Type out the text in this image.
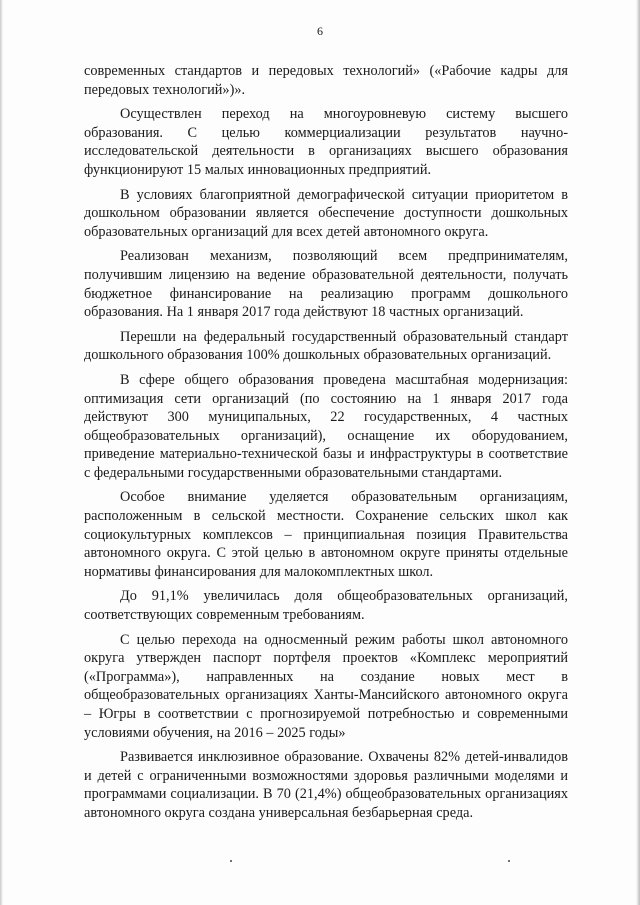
6

современных стандартов и передовых технологий» («Рабочие кадры для передовых технологий»)».

Осуществлен переход на многоуровневую систему высшего образования. С целью коммерциализации результатов научно-исследовательской деятельности в организациях высшего образования функционируют 15 малых инновационных предприятий.

В условиях благоприятной демографической ситуации приоритетом в дошкольном образовании является обеспечение доступности дошкольных образовательных организаций для всех детей автономного округа.

Реализован механизм, позволяющий всем предпринимателям, получившим лицензию на ведение образовательной деятельности, получать бюджетное финансирование на реализацию программ дошкольного образования. На 1 января 2017 года действуют 18 частных организаций.

Перешли на федеральный государственный образовательный стандарт дошкольного образования 100% дошкольных образовательных организаций.

В сфере общего образования проведена масштабная модернизация: оптимизация сети организаций (по состоянию на 1 января 2017 года действуют 300 муниципальных, 22 государственных, 4 частных общеобразовательных организаций), оснащение их оборудованием, приведение материально-технической базы и инфраструктуры в соответствие с федеральными государственными образовательными стандартами.

Особое внимание уделяется образовательным организациям, расположенным в сельской местности. Сохранение сельских школ как социокультурных комплексов – принципиальная позиция Правительства автономного округа. С этой целью в автономном округе приняты отдельные нормативы финансирования для малокомплектных школ.

До 91,1% увеличилась доля общеобразовательных организаций, соответствующих современным требованиям.

С целью перехода на односменный режим работы школ автономного округа утвержден паспорт портфеля проектов «Комплекс мероприятий («Программа»), направленных на создание новых мест в общеобразовательных организациях Ханты-Мансийского автономного округа – Югры в соответствии с прогнозируемой потребностью и современными условиями обучения, на 2016 – 2025 годы»

Развивается инклюзивное образование. Охвачены 82% детей-инвалидов и детей с ограниченными возможностями здоровья различными моделями и программами социализации. В 70 (21,4%) общеобразовательных организациях автономного округа создана универсальная безбарьерная среда.
